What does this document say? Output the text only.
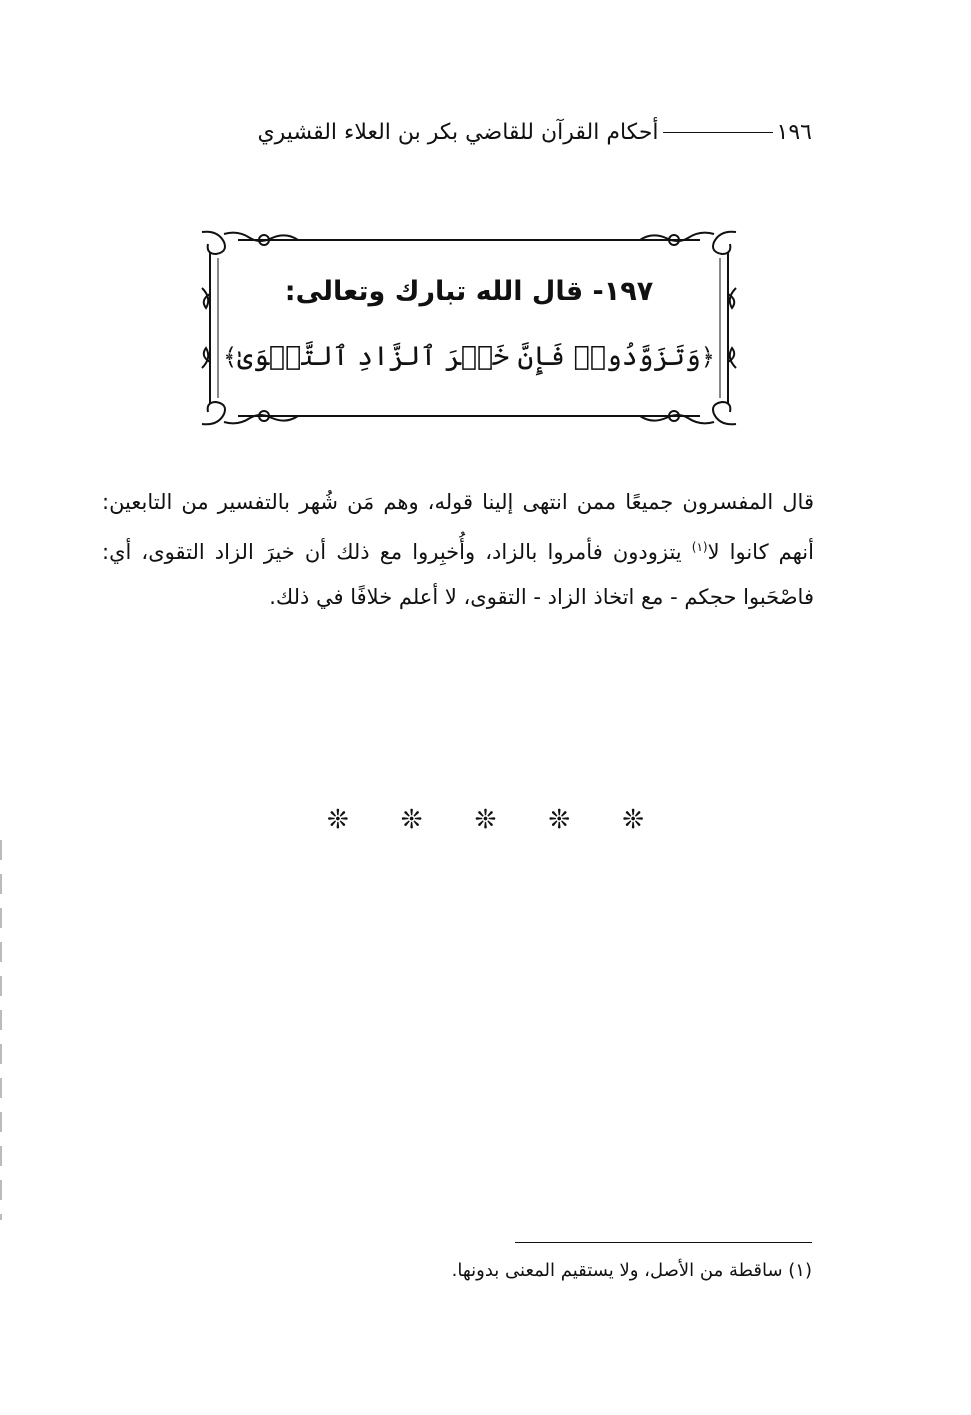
١٩٦
أحكام القرآن للقاضي بكر بن العلاء القشيري
١٩٧- قال الله تبارك وتعالى:
﴿وَتَزَوَّدُوا۟ فَإِنَّ خَيۡرَ ٱلزَّادِ ٱلتَّقۡوَىٰ﴾
قال المفسرون جميعًا ممن انتهى إلينا قوله، وهم مَن شُهر بالتفسير من التابعين: أنهم كانوا لا$^{(١)}$ يتزودون فأمروا بالزاد، وأُخبِروا مع ذلك أن خيرَ الزاد التقوى، أي: فاصْحَبوا حجكم - مع اتخاذ الزاد - التقوى، لا أعلم خلافًا في ذلك.
❊ ❊ ❊ ❊ ❊
(١) ساقطة من الأصل، ولا يستقيم المعنى بدونها.
